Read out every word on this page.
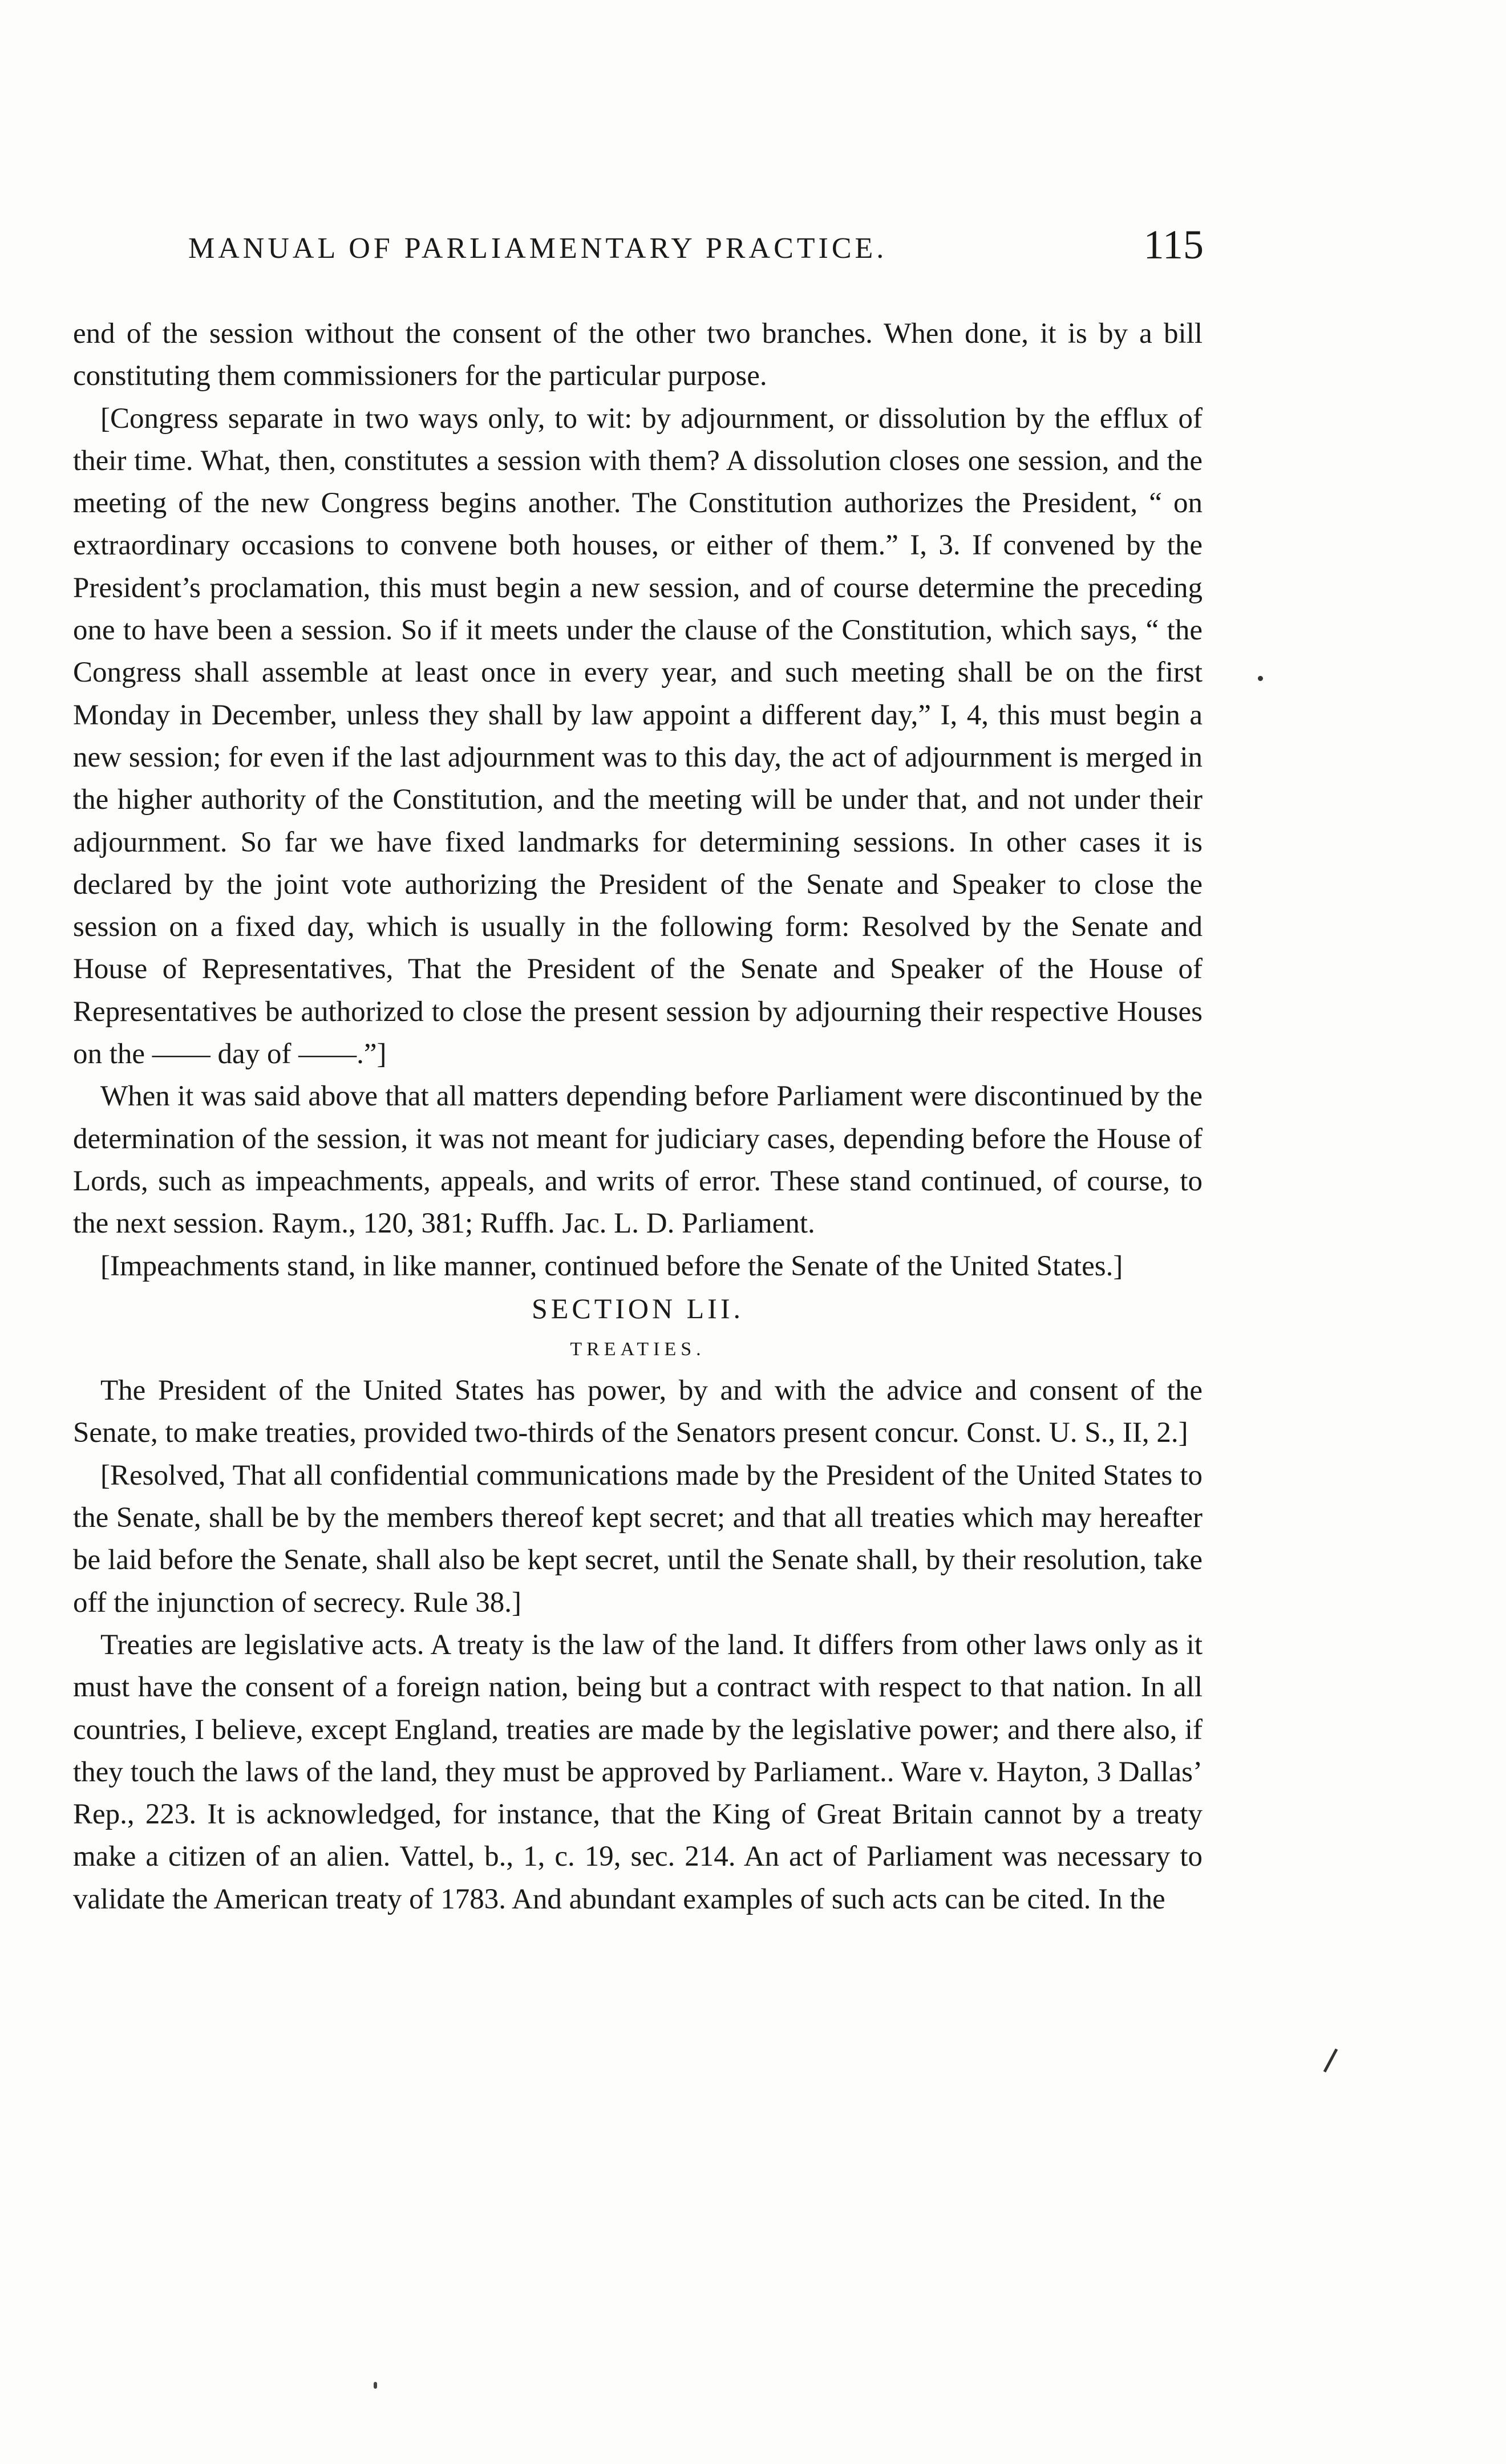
MANUAL OF PARLIAMENTARY PRACTICE.	115

end of the session without the consent of the other two branches. When done, it is by a bill constituting them commissioners for the particular purpose.

[Congress separate in two ways only, to wit: by adjournment, or dissolution by the efflux of their time. What, then, constitutes a session with them? A dissolution closes one session, and the meeting of the new Congress begins another. The Constitution authorizes the President, “ on extraordinary occasions to convene both houses, or either of them.” I, 3. If convened by the President’s proclamation, this must begin a new session, and of course determine the preceding one to have been a session. So if it meets under the clause of the Constitution, which says, “ the Congress shall assemble at least once in every year, and such meeting shall be on the first Monday in December, unless they shall by law appoint a different day,” I, 4, this must begin a new session; for even if the last adjournment was to this day, the act of adjournment is merged in the higher authority of the Constitution, and the meeting will be under that, and not under their adjournment. So far we have fixed landmarks for determining sessions. In other cases it is declared by the joint vote authorizing the President of the Senate and Speaker to close the session on a fixed day, which is usually in the following form: Resolved by the Senate and House of Representatives, That the President of the Senate and Speaker of the House of Representatives be authorized to close the present session by adjourning their respective Houses on the —— day of ——.”]

When it was said above that all matters depending before Parliament were discontinued by the determination of the session, it was not meant for judiciary cases, depending before the House of Lords, such as impeachments, appeals, and writs of error. These stand continued, of course, to the next session. Raym., 120, 381; Ruffh. Jac. L. D. Parliament.

[Impeachments stand, in like manner, continued before the Senate of the United States.]

SECTION LII.

TREATIES.

The President of the United States has power, by and with the advice and consent of the Senate, to make treaties, provided two-thirds of the Senators present concur. Const. U. S., II, 2.]

[Resolved, That all confidential communications made by the President of the United States to the Senate, shall be by the members thereof kept secret; and that all treaties which may hereafter be laid before the Senate, shall also be kept secret, until the Senate shall, by their resolution, take off the injunction of secrecy. Rule 38.]

Treaties are legislative acts. A treaty is the law of the land. It differs from other laws only as it must have the consent of a foreign nation, being but a contract with respect to that nation. In all countries, I believe, except England, treaties are made by the legislative power; and there also, if they touch the laws of the land, they must be approved by Parliament.. Ware v. Hayton, 3 Dallas’ Rep., 223. It is acknowledged, for instance, that the King of Great Britain cannot by a treaty make a citizen of an alien. Vattel, b., 1, c. 19, sec. 214. An act of Parliament was necessary to validate the American treaty of 1783. And abundant examples of such acts can be cited. In the
